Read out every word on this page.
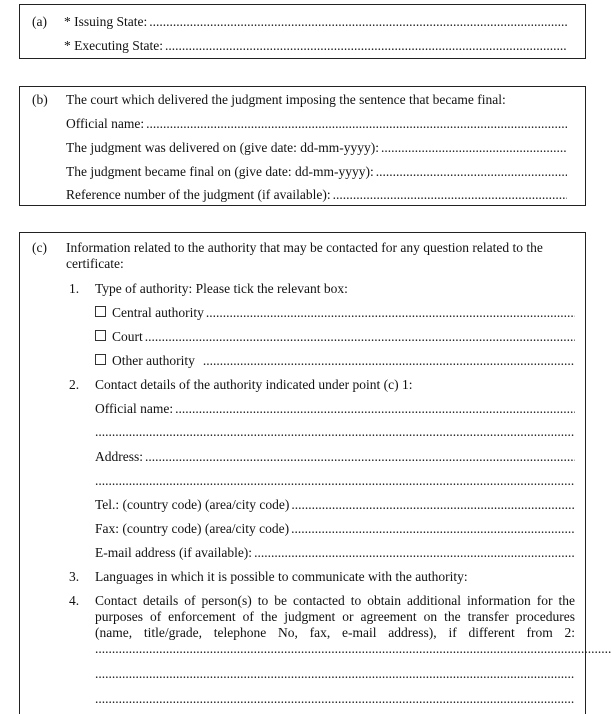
(a) * Issuing State:
.....
* Executing State:
.....
(b) The court which delivered the judgment imposing the sentence that became final:
Official name:
.....
The judgment was delivered on (give date: dd-mm-yyyy):
.....
The judgment became final on (give date: dd-mm-yyyy):
.....
Reference number of the judgment (if available):
.....
(c) Information related to the authority that may be contacted for any question related to the certificate:
1. Type of authority: Please tick the relevant box:
Central authority
.....
Court
.....
Other authority
.....
2. Contact details of the authority indicated under point (c) 1:
Official name:
.....
.....
Address:
.....
.....
Tel.: (country code) (area/city code)
.....
Fax: (country code) (area/city code)
.....
E-mail address (if available):
.....
3. Languages in which it is possible to communicate with the authority:
4. Contact details of person(s) to be contacted to obtain additional information for the purposes of enforcement of the judgment or agreement on the transfer procedures (name, title/grade, telephone No, fax, e-mail address), if different from 2: .....
.....
.....
